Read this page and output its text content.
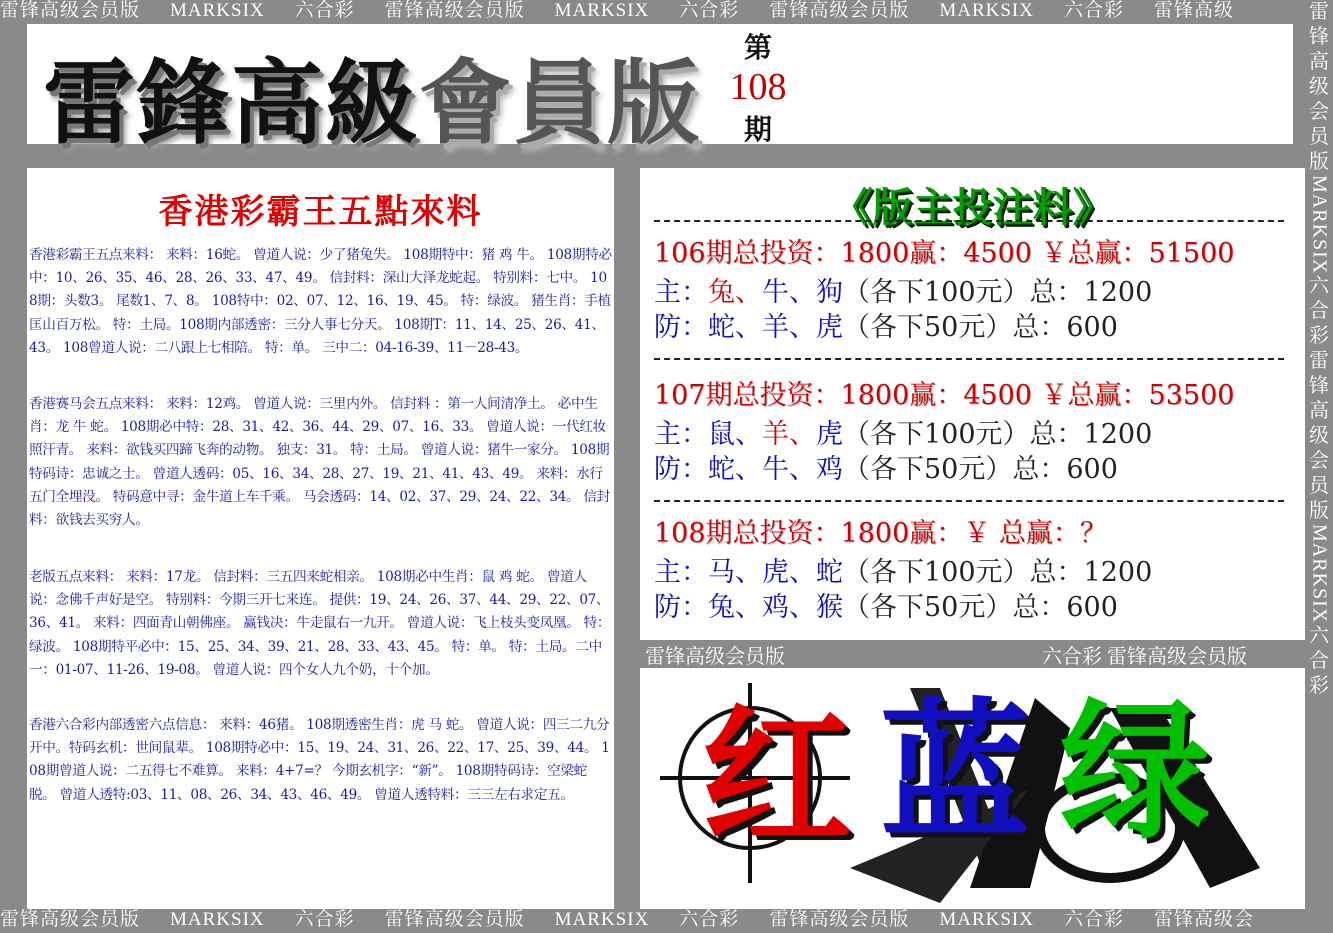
雷锋高级会员版 MARKSIX 六合彩 雷锋高级会员版 MARKSIX 六合彩 雷锋高级会员版 MARKSIX 六合彩 雷锋高级
雷锋高级会员版 MARKSIX 六合彩 雷锋高级会员版 MARKSIX 六合彩 雷锋高级会员版 MARKSIX 六合彩 雷锋高级会
雷
锋
高
级
会
员
版
MARKSIX
六
合
彩
雷
锋
高
级
会
员
版
MARKSIX
六
合
彩
雷鋒高級會員版
第
108
期
香港彩霸王五點來料
香港彩霸王五点来料： 来料：16蛇。 曾道人说：少了猪兔失。 108期特中：猪 鸡 牛。 108期特必中：10、26、35、46、28、26、33、47、49。 信封料：深山大泽龙蛇起。 特别料：七中。 108期：头数3。 尾数1、7、8。 108特中：02、07、12、16、19、45。 特：绿波。 猪生肖：手植匡山百万松。 特：土局。108期内部透密：三分人事七分天。 108期T：11、14、25、26、41、43。 108曾道人说：二八跟上七相陪。 特：单。 三中二：04-16-39、11－28-43。
香港赛马会五点来料： 来料：12鸡。 曾道人说：三里内外。 信封料 ：第一人间清净土。 必中生肖：龙 牛 蛇。 108期必中特：28、31、42、36、44、29、07、16、33。 曾道人说：一代红妆照汗青。 来料：欲钱买四蹄飞奔的动物。 独支：31。 特：土局。 曾道人说：猪牛一家分。 108期特码诗：忠诚之士。 曾道人透码：05、16、34、28、27、19、21、41、43、49。 来料：水行五门全埋没。 特码意中寻：金牛道上车千乘。 马会透码：14、02、37、29、24、22、34。 信封料：欲钱去买穷人。
老版五点来料： 来料：17龙。 信封料：三五四来蛇相亲。 108期必中生肖：鼠 鸡 蛇。 曾道人说：念佛千声好是空。 特别料：今期三开七来连。 提供：19、24、26、37、44、29、22、07、36、41。 来料：四面青山朝佛座。 赢钱决：牛走鼠右一九开。 曾道人说：飞上枝头变凤凰。 特： 绿波。 108期特平必中：15、25、34、39、21、28、33、43、45。 特：单。 特：土局。二中一：01-07、11-26、19-08。 曾道人说：四个女人九个奶，十个加。
香港六合彩内部透密六点信息： 来料：46猪。 108期透密生肖：虎 马 蛇。 曾道人说：四三二九分开中。特码玄机：世间鼠辈。 108期特必中：15、19、24、31、26、22、17、25、39、44。 108期曾道人说：二五得七不难算。 来料：4+7=？ 今期玄机字：“新”。 108期特码诗：空梁蛇脱。 曾道人透特:03、11、08、26、34、43、46、49。 曾道人透特料：三三左右求定五。
《版主投注料》
106期总投资：1800赢：4500 ￥总赢：51500
主：兔、牛、狗（各下100元）总：1200
防：蛇、羊、虎（各下50元）总：600
107期总投资：1800赢：4500 ￥总赢：53500
主：鼠、羊、虎（各下100元）总：1200
防：蛇、牛、鸡（各下50元）总：600
108期总投资：1800赢：￥ 总赢：？
主：马、虎、蛇（各下100元）总：1200
防：兔、鸡、猴（各下50元）总：600
雷锋高级会员版	六合彩 雷锋高级会员版
红 蓝 绿
